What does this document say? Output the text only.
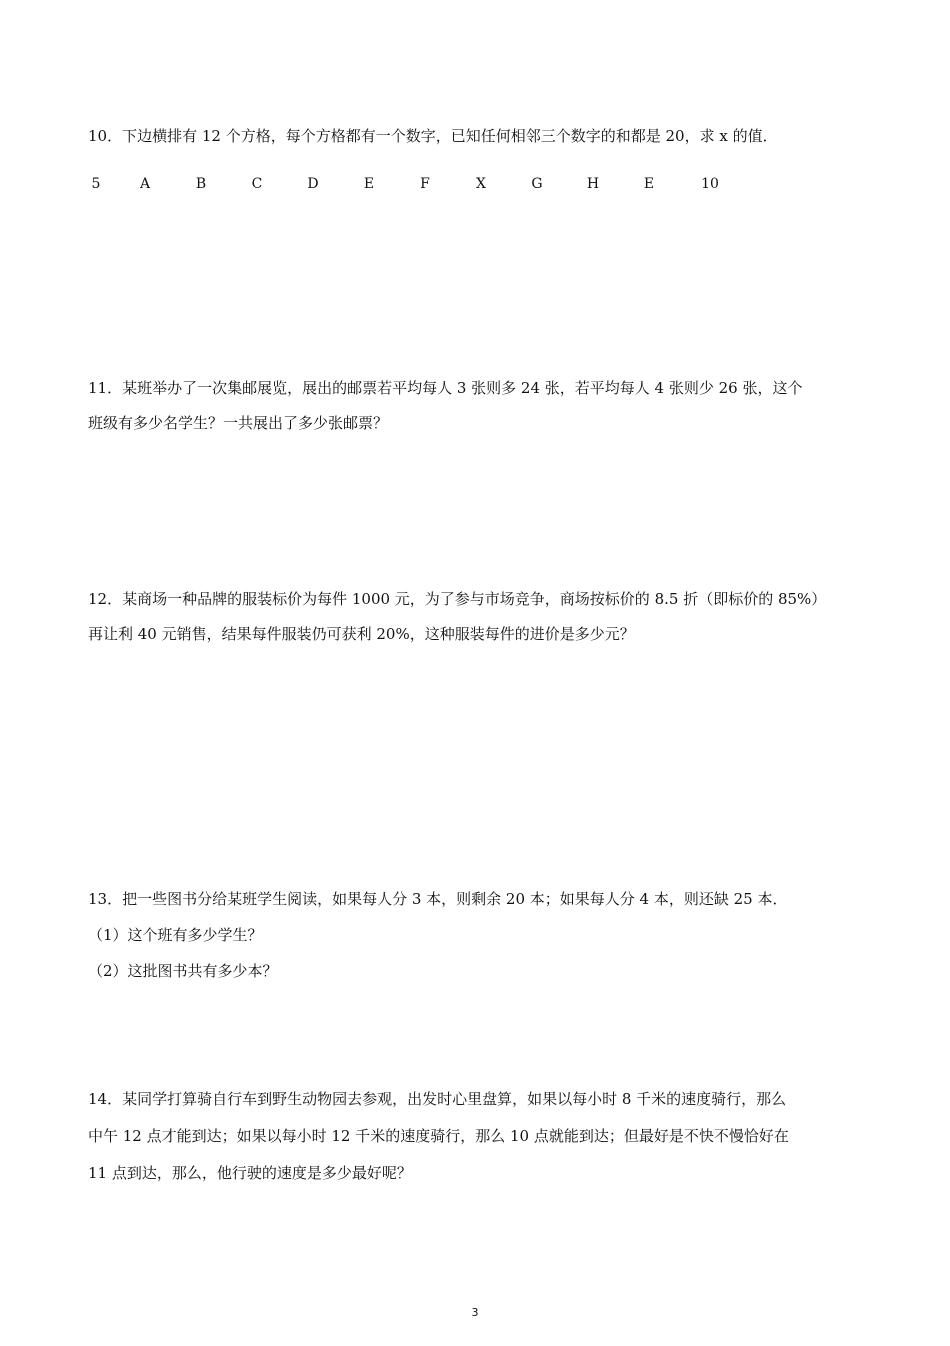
10．下边横排有 12 个方格，每个方格都有一个数字，已知任何相邻三个数字的和都是 20，求 x 的值．
5	A	B	C	D	E	F	X	G	H	E	10
11．某班举办了一次集邮展览，展出的邮票若平均每人 3 张则多 24 张，若平均每人 4 张则少 26 张，这个
班级有多少名学生？一共展出了多少张邮票？
12．某商场一种品牌的服装标价为每件 1000 元，为了参与市场竞争，商场按标价的 8.5 折（即标价的 85%）
再让利 40 元销售，结果每件服装仍可获利 20%，这种服装每件的进价是多少元？
13．把一些图书分给某班学生阅读，如果每人分 3 本，则剩余 20 本；如果每人分 4 本，则还缺 25 本．
（1）这个班有多少学生？
（2）这批图书共有多少本？
14．某同学打算骑自行车到野生动物园去参观，出发时心里盘算，如果以每小时 8 千米的速度骑行，那么
中午 12 点才能到达；如果以每小时 12 千米的速度骑行，那么 10 点就能到达；但最好是不快不慢恰好在
11 点到达，那么，他行驶的速度是多少最好呢？
3
